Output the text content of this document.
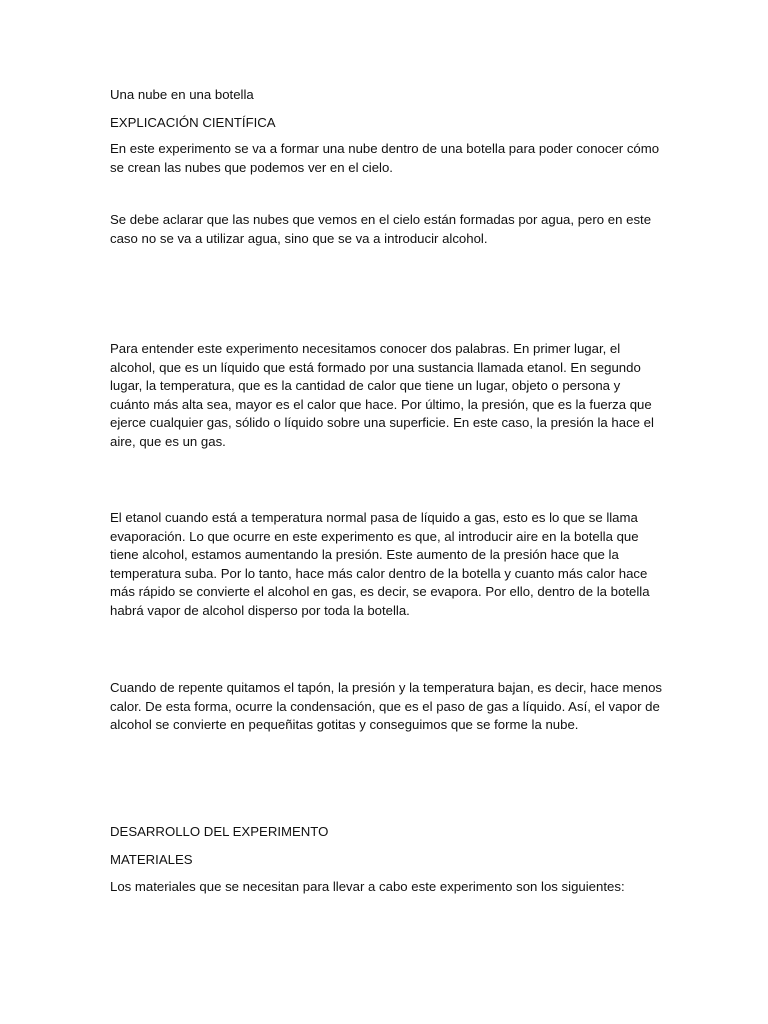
Una nube en una botella

EXPLICACIÓN CIENTÍFICA

En este experimento se va a formar una nube dentro de una botella para poder conocer cómo
se crean las nubes que podemos ver en el cielo.
Se debe aclarar que las nubes que vemos en el cielo están formadas por agua, pero en este
caso no se va a utilizar agua, sino que se va a introducir alcohol.
Para entender este experimento necesitamos conocer dos palabras. En primer lugar, el
alcohol, que es un líquido que está formado por una sustancia llamada etanol. En segundo
lugar, la temperatura, que es la cantidad de calor que tiene un lugar, objeto o persona y
cuánto más alta sea, mayor es el calor que hace. Por último, la presión, que es la fuerza que
ejerce cualquier gas, sólido o líquido sobre una superficie. En este caso, la presión la hace el
aire, que es un gas.
El etanol cuando está a temperatura normal pasa de líquido a gas, esto es lo que se llama
evaporación. Lo que ocurre en este experimento es que, al introducir aire en la botella que
tiene alcohol, estamos aumentando la presión. Este aumento de la presión hace que la
temperatura suba. Por lo tanto, hace más calor dentro de la botella y cuanto más calor hace
más rápido se convierte el alcohol en gas, es decir, se evapora. Por ello, dentro de la botella
habrá vapor de alcohol disperso por toda la botella.
Cuando de repente quitamos el tapón, la presión y la temperatura bajan, es decir, hace menos
calor. De esta forma, ocurre la condensación, que es el paso de gas a líquido. Así, el vapor de
alcohol se convierte en pequeñitas gotitas y conseguimos que se forme la nube.

DESARROLLO DEL EXPERIMENTO

MATERIALES

Los materiales que se necesitan para llevar a cabo este experimento son los siguientes:
